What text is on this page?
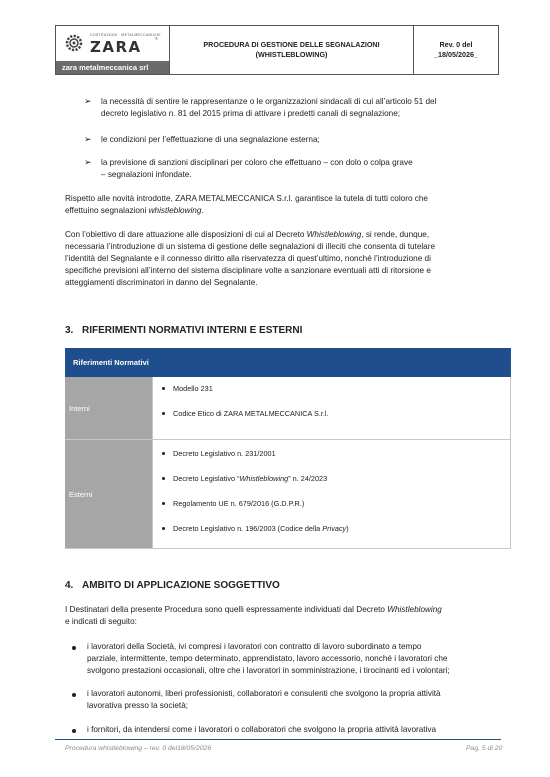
COSTRUZIONI · METALMECCANICHE
ZARA	®
zara metalmeccanica srl
PROCEDURA DI GESTIONE DELLE SEGNALAZIONI
(WHISTLEBLOWING)
Rev. 0 del
_18/05/2026_
➢ la necessità di sentire le rappresentanze o le organizzazioni sindacali di cui all’articolo 51 del
decreto legislativo n. 81 del 2015 prima di attivare i predetti canali di segnalazione;
➢ le condizioni per l’effettuazione di una segnalazione esterna;
➢ la previsione di sanzioni disciplinari per coloro che effettuano – con dolo o colpa grave
– segnalazioni infondate.
Rispetto alle novità introdotte, ZARA METALMECCANICA S.r.l. garantisce la tutela di tutti coloro che
effettuino segnalazioni whistleblowing.
Con l’obiettivo di dare attuazione alle disposizioni di cui al Decreto Whistleblowing, si rende, dunque,
necessaria l’introduzione di un sistema di gestione delle segnalazioni di illeciti che consenta di tutelare
l’identità del Segnalante e il connesso diritto alla riservatezza di quest’ultimo, nonché l’introduzione di
specifiche previsioni all’interno del sistema disciplinare volte a sanzionare eventuali atti di ritorsione e
atteggiamenti discriminatori in danno del Segnalante.
3. RIFERIMENTI NORMATIVI INTERNI E ESTERNI
Riferimenti Normativi
Interni
Modello 231
Codice Etico di ZARA METALMECCANICA S.r.l.
Esterni
Decreto Legislativo n. 231/2001
Decreto Legislativo “Whistleblowing” n. 24/2023
Regolamento UE n. 679/2016 (G.D.P.R.)
Decreto Legislativo n. 196/2003 (Codice della Privacy)
4. AMBITO DI APPLICAZIONE SOGGETTIVO
I Destinatari della presente Procedura sono quelli espressamente individuati dal Decreto Whistleblowing
e indicati di seguito:
i lavoratori della Società, ivi compresi i lavoratori con contratto di lavoro subordinato a tempo
parziale, intermittente, tempo determinato, apprendistato, lavoro accessorio, nonché i lavoratori che
svolgono prestazioni occasionali, oltre che i lavoratori in somministrazione, i tirocinanti ed i volontari;
i lavoratori autonomi, liberi professionisti, collaboratori e consulenti che svolgono la propria attività
lavorativa presso la società;
i fornitori, da intendersi come i lavoratori o collaboratori che svolgono la propria attività lavorativa
Procedura whistleblowing – rev. 0 del18/05/2026	Pag. 5 di 20
